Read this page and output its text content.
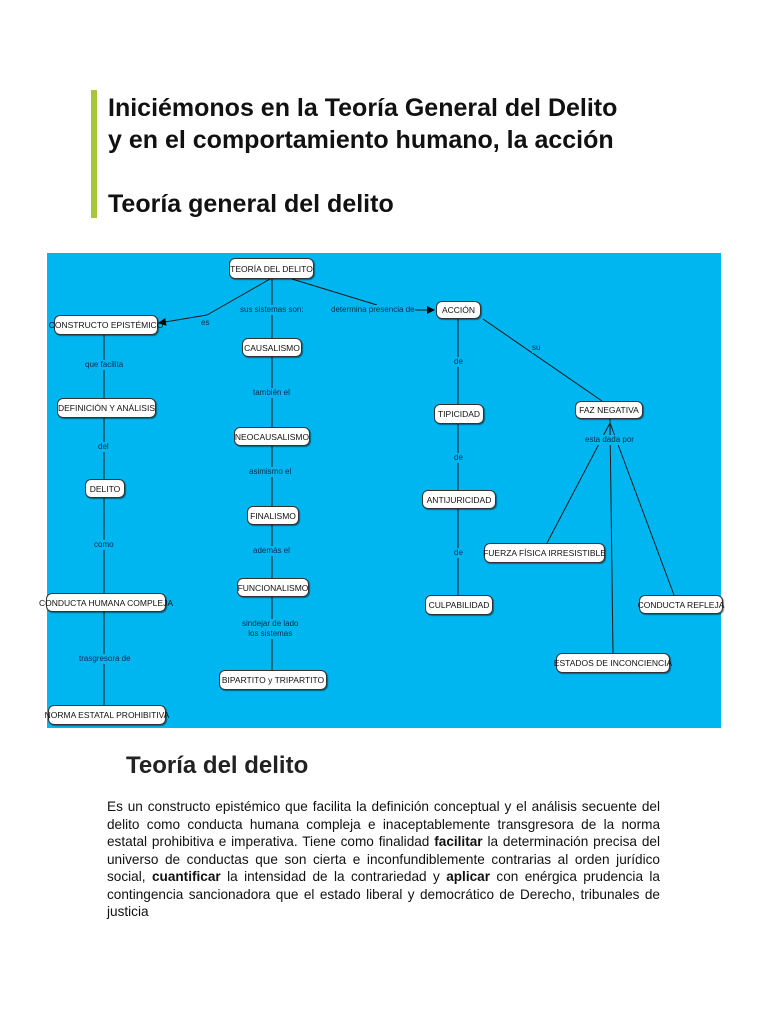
Iniciémonos en la Teoría General del Delito
y en el comportamiento humano, la acción
Teoría general del delito
TEORÍA DEL DELITO
CONSTRUCTO EPISTÉMICO
DEFINICIÓN Y ANÁLISIS
DELITO
CONDUCTA HUMANA COMPLEJA
NORMA ESTATAL PROHIBITIVA
CAUSALISMO
NEOCAUSALISMO
FINALISMO
FUNCIONALISMO
BIPARTITO y TRIPARTITO
ACCIÓN
TIPICIDAD
ANTIJURICIDAD
CULPABILIDAD
FAZ NEGATIVA
FUERZA FÍSICA IRRESISTIBLE
CONDUCTA REFLEJA
ESTADOS DE INCONCIENCIA
es
sus sistemas son:	determina presencia de
que facilita
del
como
trasgresora de
también el
asimismo el
además el
sindejar de lado
los sistemas
de
de
de
su
esta dada por
Teoría del delito
Es un constructo epistémico que facilita la definición conceptual y el análisis secuente del delito como conducta humana compleja e inaceptablemente transgresora de la norma estatal prohibitiva e imperativa. Tiene como finalidad facilitar la determinación precisa del universo de conductas que son cierta e inconfundiblemente contrarias al orden jurídico social, cuantificar la intensidad de la contrariedad y aplicar con enérgica prudencia la contingencia sancionadora que el estado liberal y democrático de Derecho, tribunales de justicia
